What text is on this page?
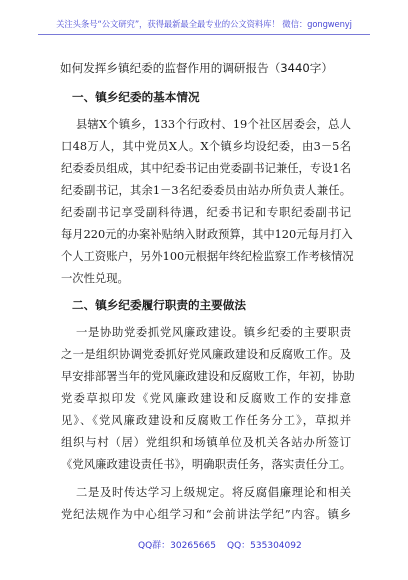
关注头条号“公文研究”，获得最新最全最专业的公文资料库！ 微信：gongwenyj
如何发挥乡镇纪委的监督作用的调研报告（3440字）
一、镇乡纪委的基本情况
县辖X个镇乡，133个行政村、19个社区居委会，总人
口48万人，其中党员X人。X个镇乡均设纪委，由3－5名
纪委委员组成，其中纪委书记由党委副书记兼任，专设1名
纪委副书记，其余1－3名纪委委员由站办所负责人兼任。
纪委副书记享受副科待遇，纪委书记和专职纪委副书记
每月220元的办案补贴纳入財政预算，其中120元每月打入
个人工资账户，另外100元根据年终纪检监察工作考核情况
一次性兑现。
二、镇乡纪委履行职责的主要做法
一是协助党委抓党风廉政建设。镇乡纪委的主要职责
之一是组织协调党委抓好党风廉政建设和反腐败工作。及
早安排部署当年的党风廉政建设和反腐败工作，年初，协助
党委草拟印发《党风廉政建设和反腐败工作的安排意
见》、《党风廉政建设和反腐败工作任务分工》，草拟并
组织与村（居）党组织和场镇单位及机关各站办所签订
《党风廉政建设责任书》，明确职责任务，落实责任分工。
二是及时传达学习上级规定。将反腐倡廉理论和相关
党纪法规作为中心组学习和“会前讲法学纪”内容。镇乡
QQ群：30265665 QQ：535304092
